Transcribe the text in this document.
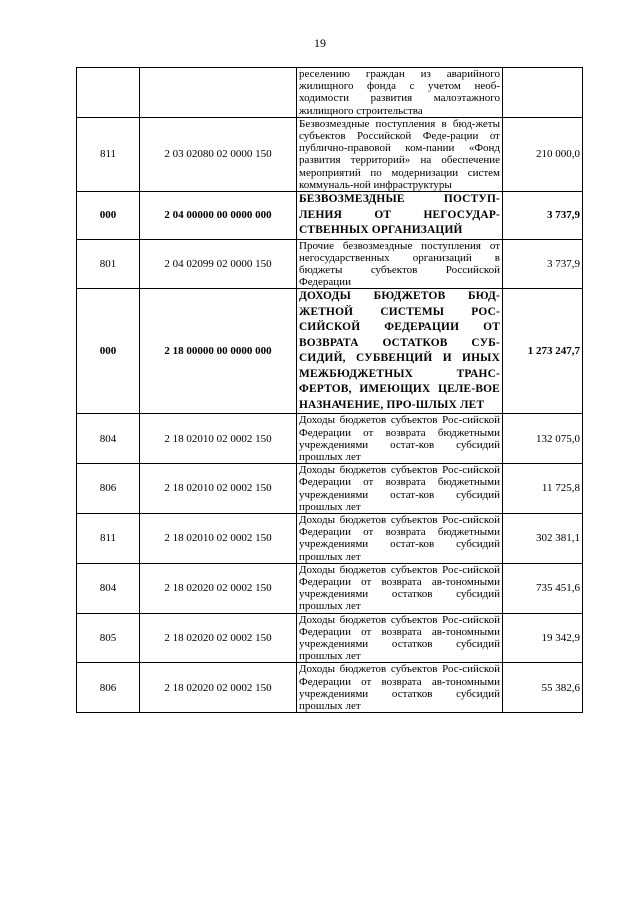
19

		реселению граждан из аварийного жилищного фонда с учетом необ-ходимости развития малоэтажного жилищного строительства	

811	2 03 02080 02 0000 150	Безвозмездные поступления в бюд-жеты субъектов Российской Феде-рации от публично-правовой ком-пании «Фонд развития территорий» на обеспечение мероприятий по модернизации систем коммуналь-ной инфраструктуры	210 000,0
000	2 04 00000 00 0000 000	БЕЗВОЗМЕЗДНЫЕ ПОСТУП-ЛЕНИЯ ОТ НЕГОСУДАР-СТВЕННЫХ ОРГАНИЗАЦИЙ	3 737,9
801	2 04 02099 02 0000 150	Прочие безвозмездные поступления от негосударственных организаций в бюджеты субъектов Российской Федерации	3 737,9
000	2 18 00000 00 0000 000	ДОХОДЫ БЮДЖЕТОВ БЮД-ЖЕТНОЙ СИСТЕМЫ РОС-СИЙСКОЙ ФЕДЕРАЦИИ ОТ ВОЗВРАТА ОСТАТКОВ СУБ-СИДИЙ, СУБВЕНЦИЙ И ИНЫХ МЕЖБЮДЖЕТНЫХ ТРАНС-ФЕРТОВ, ИМЕЮЩИХ ЦЕЛЕ-ВОЕ НАЗНАЧЕНИЕ, ПРО-ШЛЫХ ЛЕТ	1 273 247,7
804	2 18 02010 02 0002 150	Доходы бюджетов субъектов Рос-сийской Федерации от возврата бюджетными учреждениями остат-ков субсидий прошлых лет	132 075,0
806	2 18 02010 02 0002 150	Доходы бюджетов субъектов Рос-сийской Федерации от возврата бюджетными учреждениями остат-ков субсидий прошлых лет	11 725,8
811	2 18 02010 02 0002 150	Доходы бюджетов субъектов Рос-сийской Федерации от возврата бюджетными учреждениями остат-ков субсидий прошлых лет	302 381,1
804	2 18 02020 02 0002 150	Доходы бюджетов субъектов Рос-сийской Федерации от возврата ав-тономными учреждениями остатков субсидий прошлых лет	735 451,6
805	2 18 02020 02 0002 150	Доходы бюджетов субъектов Рос-сийской Федерации от возврата ав-тономными учреждениями остатков субсидий прошлых лет	19 342,9
806	2 18 02020 02 0002 150	Доходы бюджетов субъектов Рос-сийской Федерации от возврата ав-тономными учреждениями остатков субсидий прошлых лет	55 382,6
